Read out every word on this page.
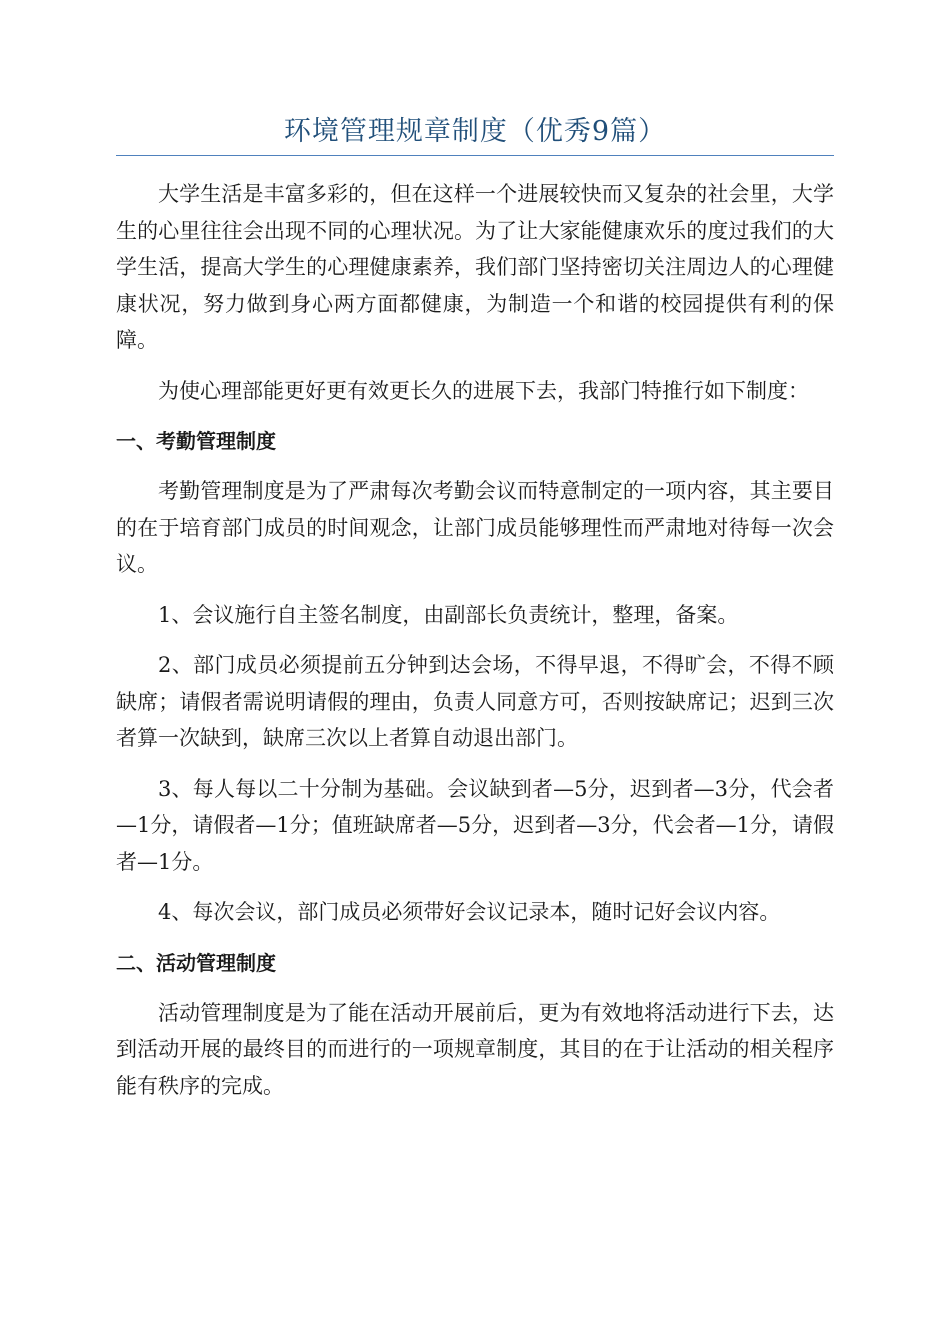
环境管理规章制度（优秀9篇）

大学生活是丰富多彩的，但在这样一个进展较快而又复杂的社会里，大学生的心里往往会出现不同的心理状况。为了让大家能健康欢乐的度过我们的大学生活，提高大学生的心理健康素养，我们部门坚持密切关注周边人的心理健康状况，努力做到身心两方面都健康，为制造一个和谐的校园提供有利的保障。

为使心理部能更好更有效更长久的进展下去，我部门特推行如下制度：

一、考勤管理制度

考勤管理制度是为了严肃每次考勤会议而特意制定的一项内容，其主要目的在于培育部门成员的时间观念，让部门成员能够理性而严肃地对待每一次会议。

1、会议施行自主签名制度，由副部长负责统计，整理，备案。

2、部门成员必须提前五分钟到达会场，不得早退，不得旷会，不得不顾缺席；请假者需说明请假的理由，负责人同意方可，否则按缺席记；迟到三次者算一次缺到，缺席三次以上者算自动退出部门。

3、每人每以二十分制为基础。会议缺到者—5分，迟到者—3分，代会者—1分，请假者—1分；值班缺席者—5分，迟到者—3分，代会者—1分，请假者—1分。

4、每次会议，部门成员必须带好会议记录本，随时记好会议内容。

二、活动管理制度

活动管理制度是为了能在活动开展前后，更为有效地将活动进行下去，达到活动开展的最终目的而进行的一项规章制度，其目的在于让活动的相关程序能有秩序的完成。
